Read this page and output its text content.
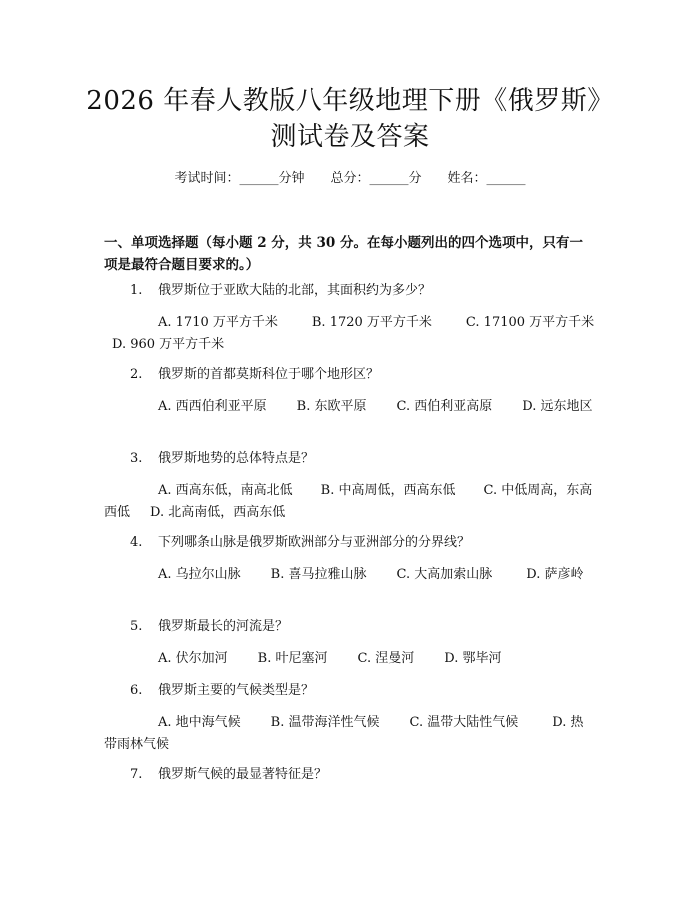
2026 年春人教版八年级地理下册《俄罗斯》
测试卷及答案
考试时间：______分钟 总分：______分 姓名：______
一、单项选择题（每小题 2 分，共 30 分。在每小题列出的四个选项中，只有一项是最符合题目要求的。）
1. 俄罗斯位于亚欧大陆的北部，其面积约为多少？
A. 1710 万平方千米	B. 1720 万平方千米	C. 17100 万平方千米D. 960 万平方千米
2. 俄罗斯的首都莫斯科位于哪个地形区？
A. 西西伯利亚平原 B. 东欧平原 C. 西伯利亚高原 D. 远东地区
3. 俄罗斯地势的总体特点是？
A. 西高东低，南高北低 B. 中高周低，西高东低 C. 中低周高，东高西低 D. 北高南低，西高东低
4. 下列哪条山脉是俄罗斯欧洲部分与亚洲部分的分界线？
A. 乌拉尔山脉 B. 喜马拉雅山脉 C. 大高加索山脉	D. 萨彦岭
5. 俄罗斯最长的河流是？
A. 伏尔加河 B. 叶尼塞河 C. 涅曼河 D. 鄂毕河
6. 俄罗斯主要的气候类型是？
A. 地中海气候 B. 温带海洋性气候 C. 温带大陆性气候	D. 热带雨林气候
7. 俄罗斯气候的最显著特征是？
